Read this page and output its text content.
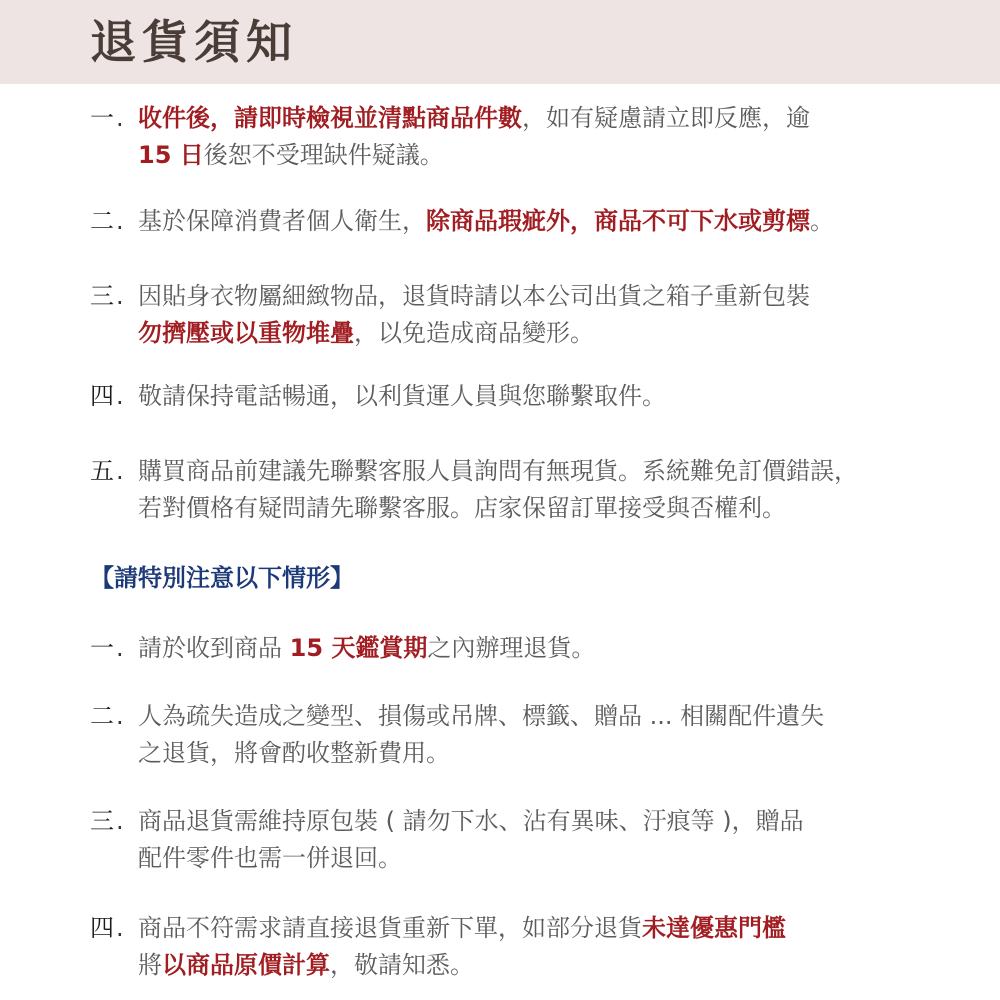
退貨須知
一. 收件後，請即時檢視並清點商品件數，如有疑慮請立即反應，逾

15 日後恕不受理缺件疑議。
二. 基於保障消費者個人衛生，除商品瑕疵外，商品不可下水或剪標。
三. 因貼身衣物屬細緻物品，退貨時請以本公司出貨之箱子重新包裝

勿擠壓或以重物堆疊，以免造成商品變形。
四. 敬請保持電話暢通，以利貨運人員與您聯繫取件。
五. 購買商品前建議先聯繫客服人員詢問有無現貨。系統難免訂價錯誤，

若對價格有疑問請先聯繫客服。店家保留訂單接受與否權利。
【請特別注意以下情形】
一. 請於收到商品 15 天鑑賞期之內辦理退貨。
二. 人為疏失造成之變型、損傷或吊牌、標籤、贈品 ... 相關配件遺失

之退貨，將會酌收整新費用。
三. 商品退貨需維持原包裝 ( 請勿下水、沾有異味、汙痕等 )，贈品

配件零件也需一併退回。
四. 商品不符需求請直接退貨重新下單，如部分退貨未達優惠門檻

將以商品原價計算，敬請知悉。
